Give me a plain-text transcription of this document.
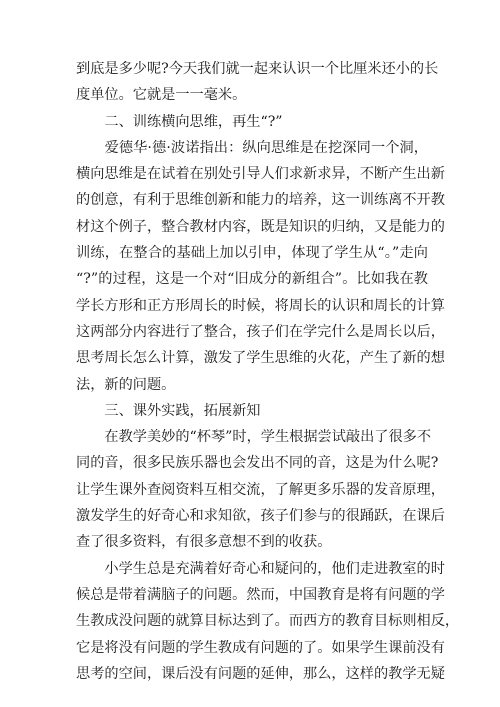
到底是多少呢?今天我们就一起来认识一个比厘米还小的长
度单位。它就是一一毫米。
　　二、训练横向思维，再生“?”
　　爱德华·德·波诺指出：纵向思维是在挖深同一个洞，
横向思维是在试着在别处引导人们求新求异，不断产生出新
的创意，有利于思维创新和能力的培养，这一训练离不开教
材这个例子，整合教材内容，既是知识的归纳，又是能力的
训练，在整合的基础上加以引申，体现了学生从“。”走向
“?”的过程，这是一个对“旧成分的新组合”。比如我在教
学长方形和正方形周长的时候，将周长的认识和周长的计算
这两部分内容进行了整合，孩子们在学完什么是周长以后，
思考周长怎么计算，激发了学生思维的火花，产生了新的想
法，新的问题。
　　三、课外实践，拓展新知
　　在教学美妙的“杯琴”时，学生根据尝试敲出了很多不
同的音，很多民族乐器也会发出不同的音，这是为什么呢?
让学生课外查阅资料互相交流，了解更多乐器的发音原理，
激发学生的好奇心和求知欲，孩子们参与的很踊跃，在课后
查了很多资料，有很多意想不到的收获。
　　小学生总是充满着好奇心和疑问的，他们走进教室的时
候总是带着满脑子的问题。然而，中国教育是将有问题的学
生教成没问题的就算目标达到了。而西方的教育目标则相反，
它是将没有问题的学生教成有问题的了。如果学生课前没有
思考的空间，课后没有问题的延伸，那么，这样的教学无疑
